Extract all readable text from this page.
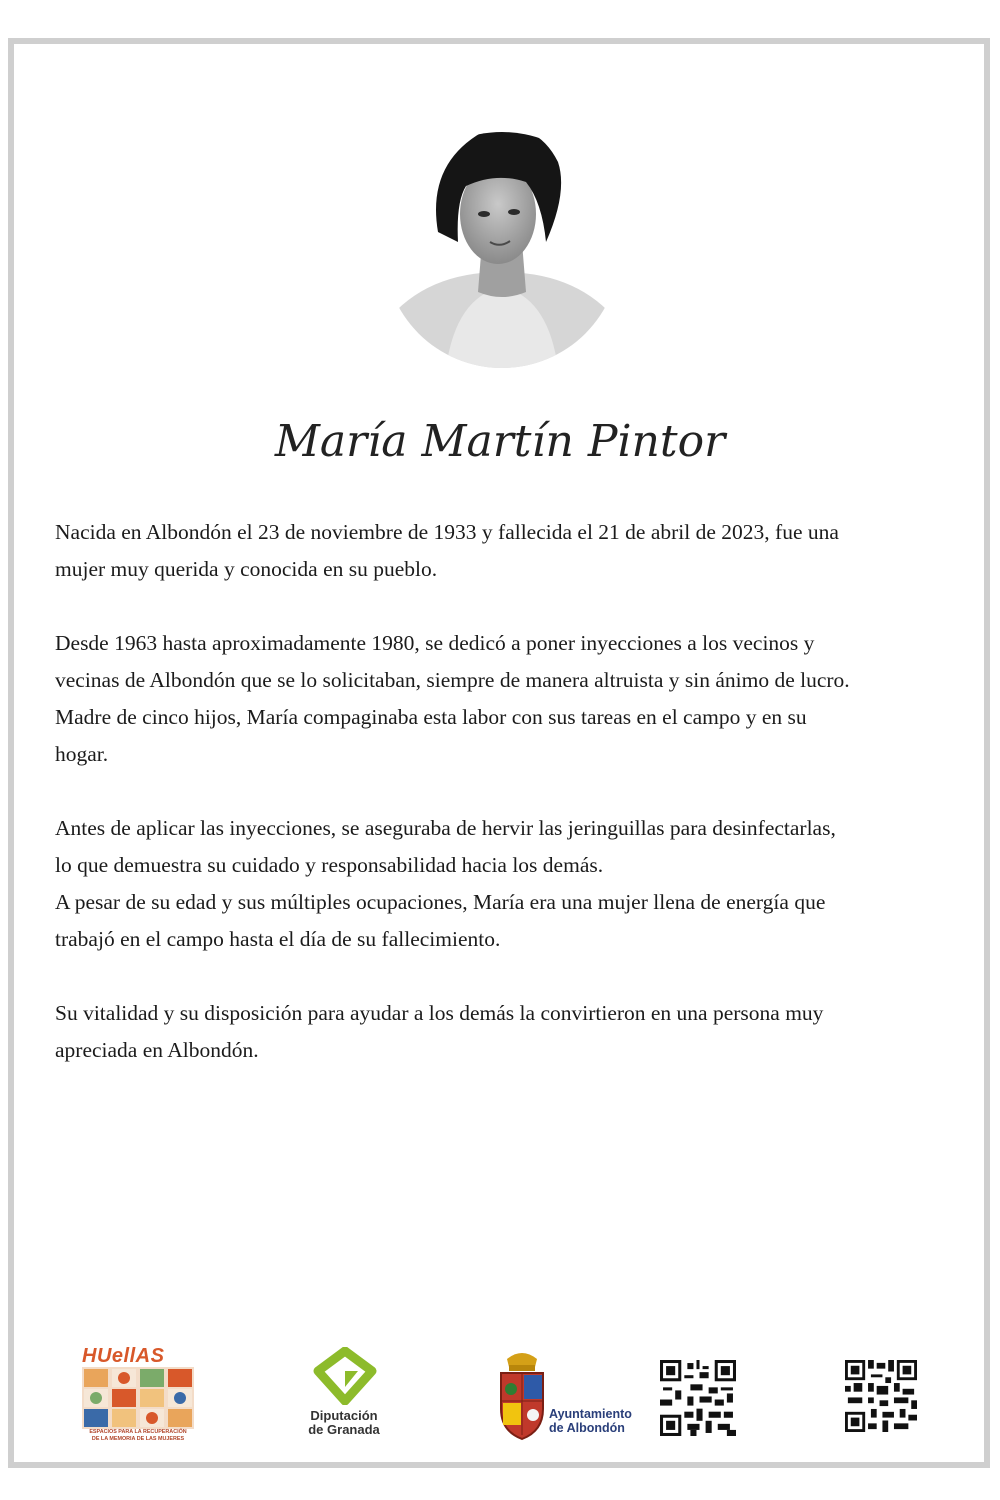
María Martín Pintor

Nacida en Albondón el 23 de noviembre de 1933 y fallecida el 21 de abril de 2023, fue una
mujer muy querida y conocida en su pueblo.

Desde 1963 hasta aproximadamente 1980, se dedicó a poner inyecciones a los vecinos y
vecinas de Albondón que se lo solicitaban, siempre de manera altruista y sin ánimo de lucro.
Madre de cinco hijos, María compaginaba esta labor con sus tareas en el campo y en su
hogar.

Antes de aplicar las inyecciones, se aseguraba de hervir las jeringuillas para desinfectarlas,
lo que demuestra su cuidado y responsabilidad hacia los demás.
A pesar de su edad y sus múltiples ocupaciones, María era una mujer llena de energía que
trabajó en el campo hasta el día de su fallecimiento.

Su vitalidad y su disposición para ayudar a los demás la convirtieron en una persona muy
apreciada en Albondón.

HUellAS
ESPACIOS PARA LA RECUPERACIÓN
DE LA MEMORIA DE LAS MUJERES
Diputación
de Granada
Ayuntamiento
de Albondón
